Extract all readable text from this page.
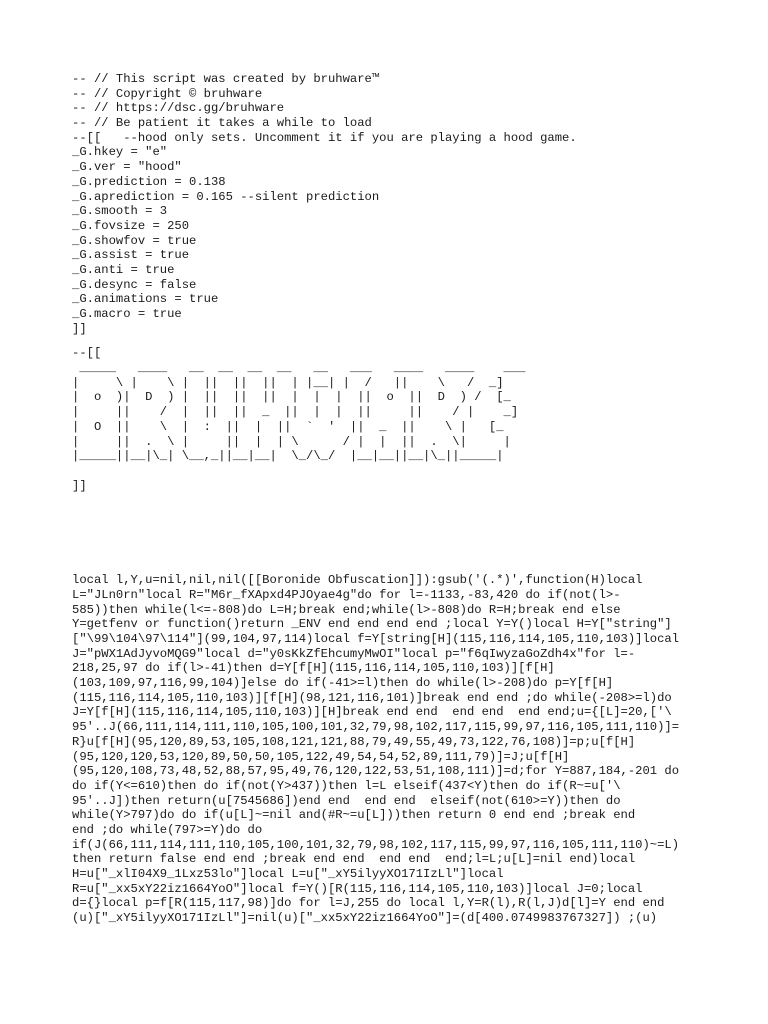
-- // This script was created by bruhware™
-- // Copyright © bruhware
-- // https://dsc.gg/bruhware
-- // Be patient it takes a while to load
--[[   --hood only sets. Uncomment it if you are playing a hood game.
_G.hkey = "e"
_G.ver = "hood"
_G.prediction = 0.138
_G.aprediction = 0.165 --silent prediction
_G.smooth = 3
_G.fovsize = 250
_G.showfov = true
_G.assist = true
_G.anti = true
_G.desync = false
_G.animations = true
_G.macro = true
]]
--[[
_____   ____   __  __  __  __   __   ___   ____   ____    ___
|     \ |    \ |  ||  ||  ||  | |__| |  /   ||    \   /  _]
|  o  )|  D  ) |  ||  ||  ||  |  |  |  ||  o  ||  D  ) /  [_
|     ||    /  |  ||  ||  _  ||  |  |  ||     ||    / |    _]
|  O  ||    \  |  :  ||  |  ||  `  '  ||  _  ||    \ |   [_
|     ||  .  \ |     ||  |  | \      / |  |  ||  .  \|     |
|_____||__|\_| \__,_||__|__|  \_/\_/  |__|__||__|\_||_____|
]]
local l,Y,u=nil,nil,nil([[Boronide Obfuscation]]):gsub('(.*)',function(H)local
L="JLn0rn"local R="M6r_fXApxd4PJOyae4g"do for l=-1133,-83,420 do if(not(l>-
585))then while(l<=-808)do L=H;break end;while(l>-808)do R=H;break end else
Y=getfenv or function()return _ENV end end end end ;local Y=Y()local H=Y["string"]
["\99\104\97\114"](99,104,97,114)local f=Y[string[H](115,116,114,105,110,103)]local
J="pWX1AdJyvoMQG9"local d="y0sKkZfEhcumyMwOI"local p="f6qIwyzaGoZdh4x"for l=-
218,25,97 do if(l>-41)then d=Y[f[H](115,116,114,105,110,103)][f[H]
(103,109,97,116,99,104)]else do if(-41>=l)then do while(l>-208)do p=Y[f[H]
(115,116,114,105,110,103)][f[H](98,121,116,101)]break end end ;do while(-208>=l)do
J=Y[f[H](115,116,114,105,110,103)][H]break end end  end end  end end;u={[L]=20,['\
95'..J(66,111,114,111,110,105,100,101,32,79,98,102,117,115,99,97,116,105,111,110)]=
R}u[f[H](95,120,89,53,105,108,121,121,88,79,49,55,49,73,122,76,108)]=p;u[f[H]
(95,120,120,53,120,89,50,50,105,122,49,54,54,52,89,111,79)]=J;u[f[H]
(95,120,108,73,48,52,88,57,95,49,76,120,122,53,51,108,111)]=d;for Y=887,184,-201 do
do if(Y<=610)then do if(not(Y>437))then l=L elseif(437<Y)then do if(R~=u['\
95'..J])then return(u[7545686])end end  end end  elseif(not(610>=Y))then do
while(Y>797)do do if(u[L]~=nil and(#R~=u[L]))then return 0 end end ;break end
end ;do while(797>=Y)do do
if(J(66,111,114,111,110,105,100,101,32,79,98,102,117,115,99,97,116,105,111,110)~=L)
then return false end end ;break end end  end end  end;l=L;u[L]=nil end)local
H=u["_xlI04X9_1Lxz53lo"]local L=u["_xY5ilyyXO171IzLl"]local
R=u["_xx5xY22iz1664YoO"]local f=Y()[R(115,116,114,105,110,103)]local J=0;local
d={}local p=f[R(115,117,98)]do for l=J,255 do local l,Y=R(l),R(l,J)d[l]=Y end end
(u)["_xY5ilyyXO171IzLl"]=nil(u)["_xx5xY22iz1664YoO"]=(d[400.0749983767327]) ;(u)
